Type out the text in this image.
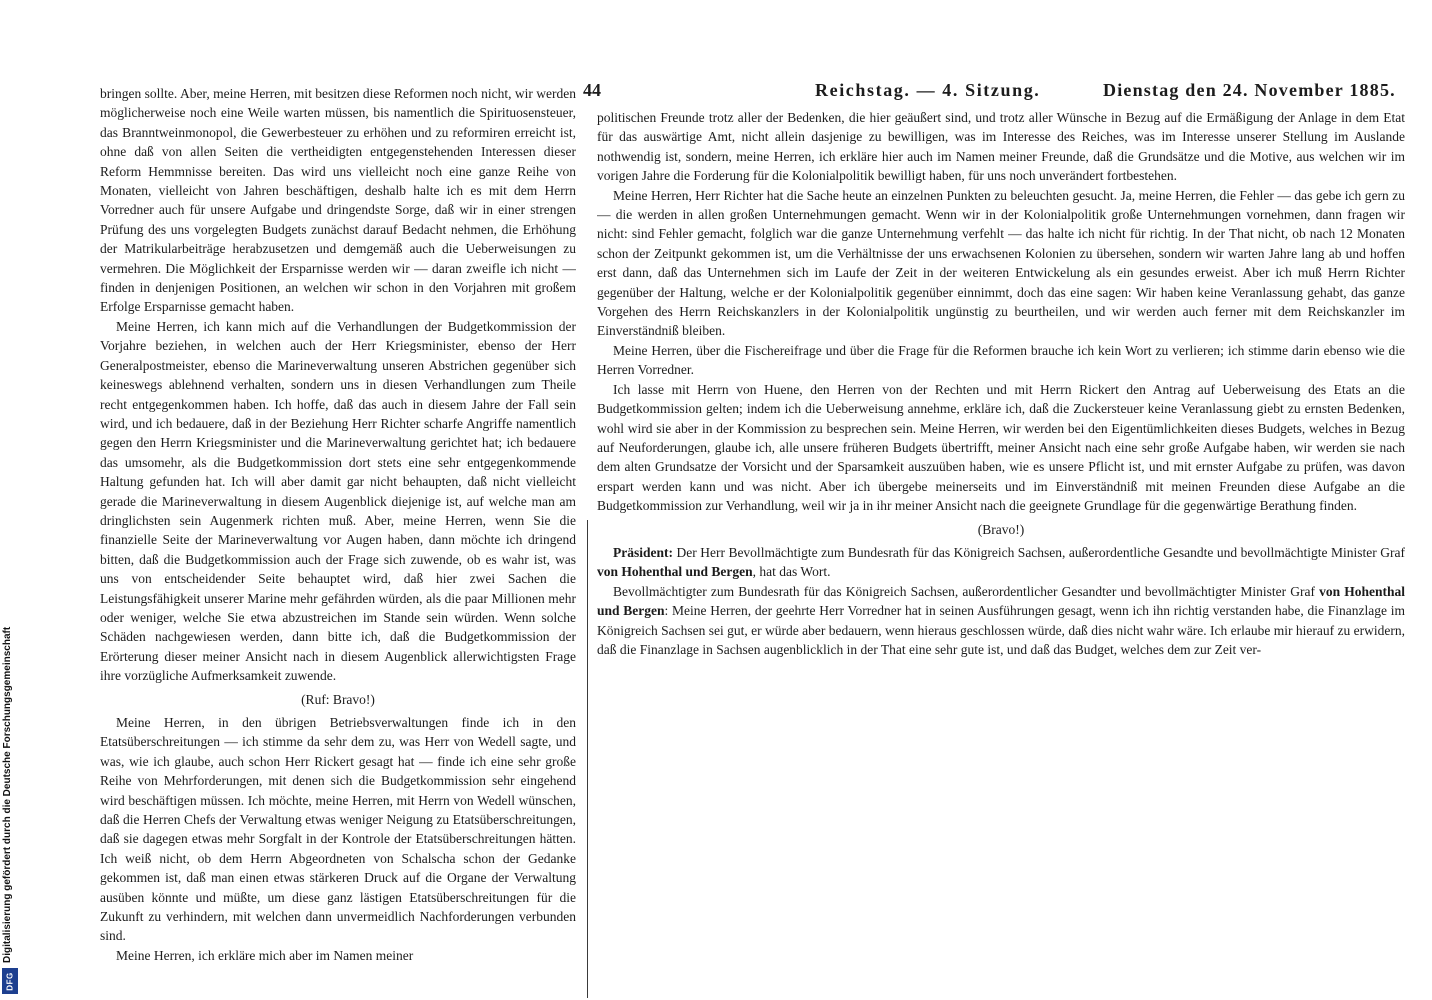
Digitalisierung gefördert durch die Deutsche Forschungsgemeinschaft
DFG
44	Reichstag. — 4. Sitzung.	Dienstag den 24. November 1885.

bringen sollte. Aber, meine Herren, mit besitzen diese Reformen noch nicht, wir werden möglicherweise noch eine Weile warten müssen, bis namentlich die Spirituosensteuer, das Branntweinmonopol, die Gewerbesteuer zu erhöhen und zu reformiren erreicht ist, ohne daß von allen Seiten die vertheidigten entgegenstehenden Interessen dieser Reform Hemmnisse bereiten. Das wird uns vielleicht noch eine ganze Reihe von Monaten, vielleicht von Jahren beschäftigen, deshalb halte ich es mit dem Herrn Vorredner auch für unsere Aufgabe und dringendste Sorge, daß wir in einer strengen Prüfung des uns vorgelegten Budgets zunächst darauf Bedacht nehmen, die Erhöhung der Matrikularbeiträge herabzusetzen und demgemäß auch die Ueberweisungen zu vermehren. Die Möglichkeit der Ersparnisse werden wir — daran zweifle ich nicht — finden in denjenigen Positionen, an welchen wir schon in den Vorjahren mit großem Erfolge Ersparnisse gemacht haben.

Meine Herren, ich kann mich auf die Verhandlungen der Budgetkommission der Vorjahre beziehen, in welchen auch der Herr Kriegsminister, ebenso der Herr Generalpostmeister, ebenso die Marineverwaltung unseren Abstrichen gegenüber sich keineswegs ablehnend verhalten, sondern uns in diesen Verhandlungen zum Theile recht entgegenkommen haben. Ich hoffe, daß das auch in diesem Jahre der Fall sein wird, und ich bedauere, daß in der Beziehung Herr Richter scharfe Angriffe namentlich gegen den Herrn Kriegsminister und die Marineverwaltung gerichtet hat; ich bedauere das umsomehr, als die Budgetkommission dort stets eine sehr entgegenkommende Haltung gefunden hat. Ich will aber damit gar nicht behaupten, daß nicht vielleicht gerade die Marineverwaltung in diesem Augenblick diejenige ist, auf welche man am dringlichsten sein Augenmerk richten muß. Aber, meine Herren, wenn Sie die finanzielle Seite der Marineverwaltung vor Augen haben, dann möchte ich dringend bitten, daß die Budgetkommission auch der Frage sich zuwende, ob es wahr ist, was uns von entscheidender Seite behauptet wird, daß hier zwei Sachen die Leistungsfähigkeit unserer Marine mehr gefährden würden, als die paar Millionen mehr oder weniger, welche Sie etwa abzustreichen im Stande sein würden. Wenn solche Schäden nachgewiesen werden, dann bitte ich, daß die Budgetkommission der Erörterung dieser meiner Ansicht nach in diesem Augenblick allerwichtigsten Frage ihre vorzügliche Aufmerksamkeit zuwende.

(Ruf: Bravo!)

Meine Herren, in den übrigen Betriebsverwaltungen finde ich in den Etatsüberschreitungen — ich stimme da sehr dem zu, was Herr von Wedell sagte, und was, wie ich glaube, auch schon Herr Rickert gesagt hat — finde ich eine sehr große Reihe von Mehrforderungen, mit denen sich die Budgetkommission sehr eingehend wird beschäftigen müssen. Ich möchte, meine Herren, mit Herrn von Wedell wünschen, daß die Herren Chefs der Verwaltung etwas weniger Neigung zu Etatsüberschreitungen, daß sie dagegen etwas mehr Sorgfalt in der Kontrole der Etatsüberschreitungen hätten. Ich weiß nicht, ob dem Herrn Abgeordneten von Schalscha schon der Gedanke gekommen ist, daß man einen etwas stärkeren Druck auf die Organe der Verwaltung ausüben könnte und müßte, um diese ganz lästigen Etatsüberschreitungen für die Zukunft zu verhindern, mit welchen dann unvermeidlich Nachforderungen verbunden sind.

Meine Herren, ich erkläre mich aber im Namen meiner

politischen Freunde trotz aller der Bedenken, die hier geäußert sind, und trotz aller Wünsche in Bezug auf die Ermäßigung der Anlage in dem Etat für das auswärtige Amt, nicht allein dasjenige zu bewilligen, was im Interesse des Reiches, was im Interesse unserer Stellung im Auslande nothwendig ist, sondern, meine Herren, ich erkläre hier auch im Namen meiner Freunde, daß die Grundsätze und die Motive, aus welchen wir im vorigen Jahre die Forderung für die Kolonialpolitik bewilligt haben, für uns noch unverändert fortbestehen.

Meine Herren, Herr Richter hat die Sache heute an einzelnen Punkten zu beleuchten gesucht. Ja, meine Herren, die Fehler — das gebe ich gern zu — die werden in allen großen Unternehmungen gemacht. Wenn wir in der Kolonialpolitik große Unternehmungen vornehmen, dann fragen wir nicht: sind Fehler gemacht, folglich war die ganze Unternehmung verfehlt — das halte ich nicht für richtig. In der That nicht, ob nach 12 Monaten schon der Zeitpunkt gekommen ist, um die Verhältnisse der uns erwachsenen Kolonien zu übersehen, sondern wir warten Jahre lang ab und hoffen erst dann, daß das Unternehmen sich im Laufe der Zeit in der weiteren Entwickelung als ein gesundes erweist. Aber ich muß Herrn Richter gegenüber der Haltung, welche er der Kolonialpolitik gegenüber einnimmt, doch das eine sagen: Wir haben keine Veranlassung gehabt, das ganze Vorgehen des Herrn Reichskanzlers in der Kolonialpolitik ungünstig zu beurtheilen, und wir werden auch ferner mit dem Reichskanzler im Einverständniß bleiben.

Meine Herren, über die Fischereifrage und über die Frage für die Reformen brauche ich kein Wort zu verlieren; ich stimme darin ebenso wie die Herren Vorredner.

Ich lasse mit Herrn von Huene, den Herren von der Rechten und mit Herrn Rickert den Antrag auf Ueberweisung des Etats an die Budgetkommission gelten; indem ich die Ueberweisung annehme, erkläre ich, daß die Zuckersteuer keine Veranlassung giebt zu ernsten Bedenken, wohl wird sie aber in der Kommission zu besprechen sein. Meine Herren, wir werden bei den Eigentümlichkeiten dieses Budgets, welches in Bezug auf Neuforderungen, glaube ich, alle unsere früheren Budgets übertrifft, meiner Ansicht nach eine sehr große Aufgabe haben, wir werden sie nach dem alten Grundsatze der Vorsicht und der Sparsamkeit auszuüben haben, wie es unsere Pflicht ist, und mit ernster Aufgabe zu prüfen, was davon erspart werden kann und was nicht. Aber ich übergebe meinerseits und im Einverständniß mit meinen Freunden diese Aufgabe an die Budgetkommission zur Verhandlung, weil wir ja in ihr meiner Ansicht nach die geeignete Grundlage für die gegenwärtige Berathung finden.

(Bravo!)

Präsident: Der Herr Bevollmächtigte zum Bundesrath für das Königreich Sachsen, außerordentliche Gesandte und bevollmächtigte Minister Graf von Hohenthal und Bergen, hat das Wort.

Bevollmächtigter zum Bundesrath für das Königreich Sachsen, außerordentlicher Gesandter und bevollmächtigter Minister Graf von Hohenthal und Bergen: Meine Herren, der geehrte Herr Vorredner hat in seinen Ausführungen gesagt, wenn ich ihn richtig verstanden habe, die Finanzlage im Königreich Sachsen sei gut, er würde aber bedauern, wenn hieraus geschlossen würde, daß dies nicht wahr wäre. Ich erlaube mir hierauf zu erwidern, daß die Finanzlage in Sachsen augenblicklich in der That eine sehr gute ist, und daß das Budget, welches dem zur Zeit ver-
